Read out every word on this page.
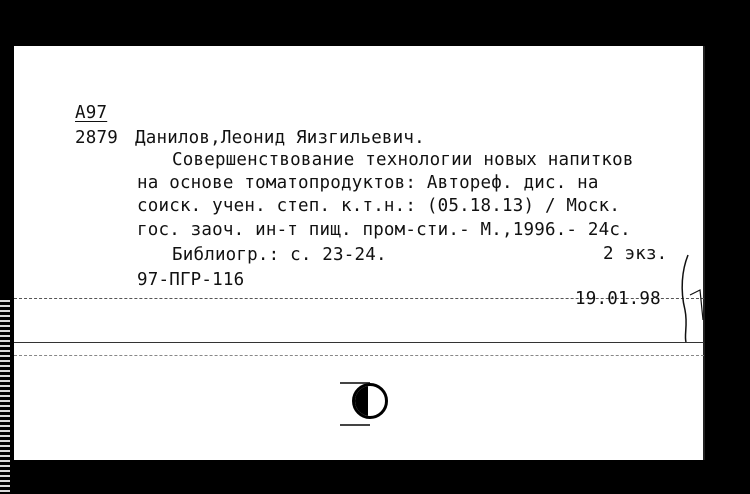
А97
2879 Данилов,Леонид Яизгильевич.
Совершенствование технологии новых напитков
на основе томатопродуктов: Автореф. дис. на
соиск. учен. степ. к.т.н.: (05.18.13) / Моск.
гос. заоч. ин-т пищ. пром-сти.- М.,1996.- 24с.
Библиогр.: с. 23-24.	2 экз.
97-ПГР-116
19.01.98
